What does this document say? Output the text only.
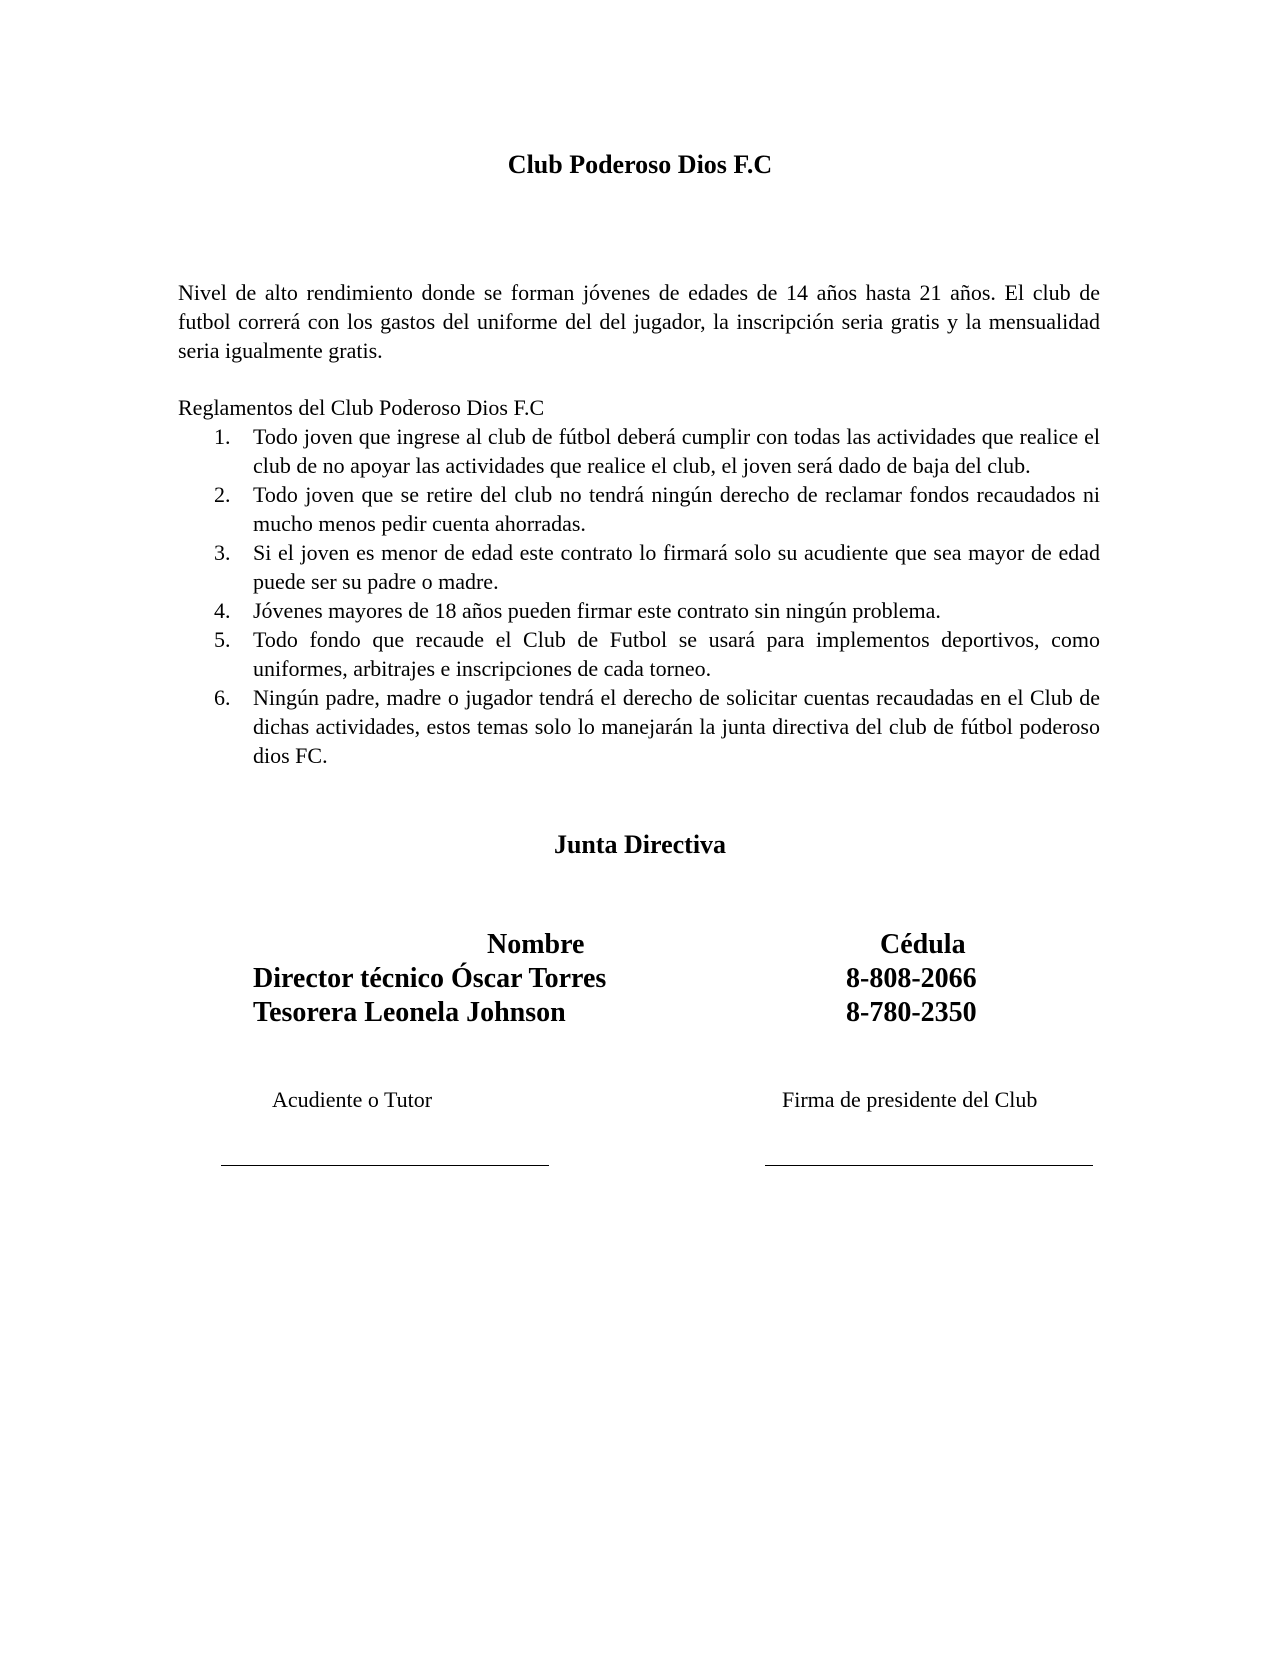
Club Poderoso Dios F.C

Nivel de alto rendimiento donde se forman jóvenes de edades de 14 años hasta 21 años. El club de futbol correrá con los gastos del uniforme del del jugador, la inscripción seria gratis y la mensualidad seria igualmente gratis.

Reglamentos del Club Poderoso Dios F.C

1. Todo joven que ingrese al club de fútbol deberá cumplir con todas las actividades que realice el club de no apoyar las actividades que realice el club, el joven será dado de baja del club.
2. Todo joven que se retire del club no tendrá ningún derecho de reclamar fondos recaudados ni mucho menos pedir cuenta ahorradas.
3. Si el joven es menor de edad este contrato lo firmará solo su acudiente que sea mayor de edad puede ser su padre o madre.
4. Jóvenes mayores de 18 años pueden firmar este contrato sin ningún problema.
5. Todo fondo que recaude el Club de Futbol se usará para implementos deportivos, como uniformes, arbitrajes e inscripciones de cada torneo.
6. Ningún padre, madre o jugador tendrá el derecho de solicitar cuentas recaudadas en el Club de dichas actividades, estos temas solo lo manejarán la junta directiva del club de fútbol poderoso dios FC.
Junta Directiva
Nombre	Cédula
Director técnico Óscar Torres	8-808-2066
Tesorera Leonela Johnson	8-780-2350
Acudiente o Tutor	Firma de presidente del Club
